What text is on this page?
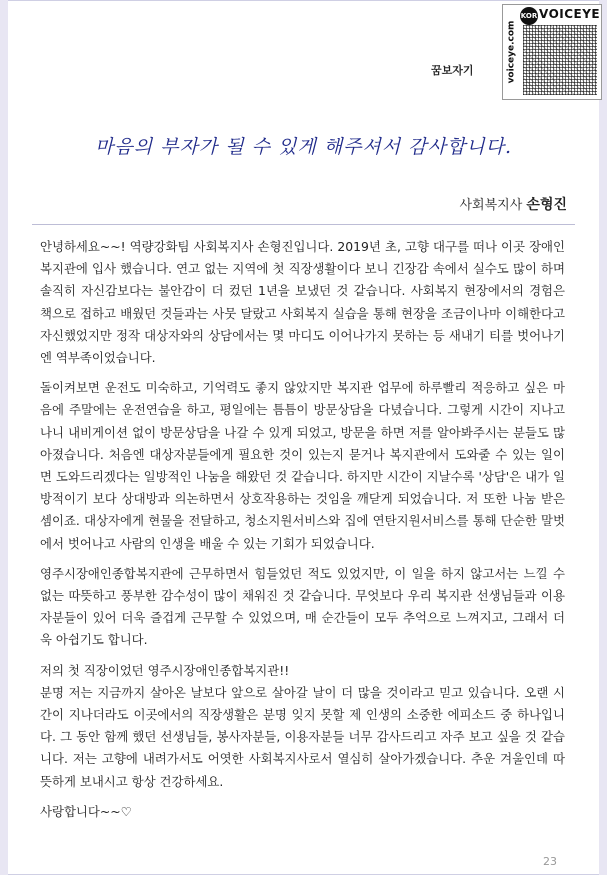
꿈보자기	voiceye.com
KOR VOICEYE
마음의 부자가 될 수 있게 해주셔서 감사합니다.
사회복지사 손형진

안녕하세요~~! 역량강화팀 사회복지사 손형진입니다. 2019년 초, 고향 대구를 떠나 이곳 장애인복지관에 입사 했습니다. 연고 없는 지역에 첫 직장생활이다 보니 긴장감 속에서 실수도 많이 하며 솔직히 자신감보다는 불안감이 더 컸던 1년을 보냈던 것 같습니다. 사회복지 현장에서의 경험은 책으로 접하고 배웠던 것들과는 사뭇 달랐고 사회복지 실습을 통해 현장을 조금이나마 이해한다고 자신했었지만 정작 대상자와의 상담에서는 몇 마디도 이어나가지 못하는 등 새내기 티를 벗어나기엔 역부족이었습니다.

돌이켜보면 운전도 미숙하고, 기억력도 좋지 않았지만 복지관 업무에 하루빨리 적응하고 싶은 마음에 주말에는 운전연습을 하고, 평일에는 틈틈이 방문상담을 다녔습니다. 그렇게 시간이 지나고 나니 내비게이션 없이 방문상담을 나갈 수 있게 되었고, 방문을 하면 저를 알아봐주시는 분들도 많아졌습니다. 처음엔 대상자분들에게 필요한 것이 있는지 묻거나 복지관에서 도와줄 수 있는 일이면 도와드리겠다는 일방적인 나눔을 해왔던 것 같습니다. 하지만 시간이 지날수록 '상담'은 내가 일방적이기 보다 상대방과 의논하면서 상호작용하는 것임을 깨닫게 되었습니다. 저 또한 나눔 받은 셈이죠. 대상자에게 현물을 전달하고, 청소지원서비스와 집에 연탄지원서비스를 통해 단순한 말벗에서 벗어나고 사람의 인생을 배울 수 있는 기회가 되었습니다.

영주시장애인종합복지관에 근무하면서 힘들었던 적도 있었지만, 이 일을 하지 않고서는 느낄 수 없는 따뜻하고 풍부한 감수성이 많이 채워진 것 같습니다. 무엇보다 우리 복지관 선생님들과 이용자분들이 있어 더욱 즐겁게 근무할 수 있었으며, 매 순간들이 모두 추억으로 느껴지고, 그래서 더욱 아쉽기도 합니다.

저의 첫 직장이었던 영주시장애인종합복지관!!

분명 저는 지금까지 살아온 날보다 앞으로 살아갈 날이 더 많을 것이라고 믿고 있습니다. 오랜 시간이 지나더라도 이곳에서의 직장생활은 분명 잊지 못할 제 인생의 소중한 에피소드 중 하나입니다. 그 동안 함께 했던 선생님들, 봉사자분들, 이용자분들 너무 감사드리고 자주 보고 싶을 것 같습니다. 저는 고향에 내려가서도 어엿한 사회복지사로서 열심히 살아가겠습니다. 추운 겨울인데 따뜻하게 보내시고 항상 건강하세요.

사랑합니다~~♡

23
